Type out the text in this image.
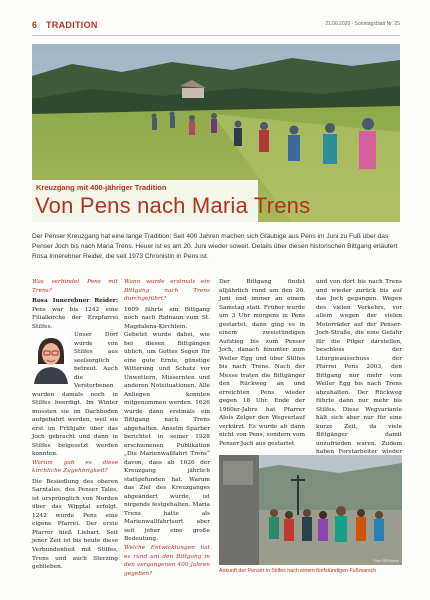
6 TRADITION	21.06.2020 · Sonntagsblatt Nr. 25
Kreuzgang mit 400-jähriger Tradition
Von Pens nach Maria Trens
Der Penser Kreuzgang hat eine lange Tradition: Seit 400 Jahren machen sich Gläubige aus Pens im Juni zu Fuß über das Penser Joch bis nach Maria Trens. Heuer ist es am 20. Juni wieder soweit. Details über diesen historischen Bittgang erläutert Rosa Innerebner Reider, die seit 1973 Chronistin in Pens ist.

Was verbindet Pens mit Trens?

Rosa Innerebner Reider: Pens war bis 1242 eine Filialkirche der Erzpfarrei Stilfes.

Unser Dorf wurde von Stilfes aus seelsorglich betreut. Auch die Verstorbenen wurden damals noch in Stilfes beerdigt. Im Winter mussten sie im Dachboden aufgebahrt werden, weil sie erst im Frühjahr über das Joch gebracht und dann in Stilfes beigesetzt werden konnten.

Warum gab es diese kirchliche Zugehörigkeit?

Die Besiedlung des oberen Sarntales, des Penser Tales, ist ursprünglich von Norden über das Wipptal erfolgt. 1242 wurde Pens eine eigene Pfarrei. Der erste Pfarrer hieß Liebart. Seit jener Zeit ist bis heute diese Verbundenheit mit Stilfes, Trens und auch Sterzing geblieben.

Wann wurde erstmals ein Bittgang nach Trens durchgeführt?

1609 führte ein Bittgang noch nach Ridnaun zum St. Magdalena-Kirchlein. Gebetet wurde dabei, wie bei diesen Bittgängen üblich, um Gottes Segen für eine gute Ernte, günstige Witterung und Schutz vor Unwettern, Missernten und anderen Notsituationen. Alle Anliegen konnten mitgenommen werden. 1626 wurde dann erstmals ein Bittgang nach Trens abgehalten. Anselm Sparber berichtet in seiner 1928 erschienenen Publikation „Die Marienwallfahrt Trens“ davon, dass ab 1626 der Kreuzgang jährlich stattgefunden hat. Warum das Ziel des Kreuzganges abgeändert wurde, ist nirgends festgehalten. Maria Trens hatte als Marienwallfahrtsort aber seit jeher eine große Bedeutung.

Welche Entwicklungen hat es rund um den Bittgang in den vergangenen 400 Jahren gegeben?

Der Bittgang findet alljährlich rund um den 20. Juni und immer an einem Samstag statt. Früher wurde um 3 Uhr morgens in Pens gestartet, dann ging es in einem zweistündigen Aufstieg bis zum Penser Joch, danach hinunter zum Weiler Egg und über Stilfes bis nach Trens. Nach der Messe traten die Bittgänger den Rückweg an und erreichten Pens wieder gegen 18 Uhr. Ende der 1960er-Jahre hat Pfarrer Alois Zelger den Wegverlauf verkürzt. Es wurde ab dann nicht von Pens, sondern vom Penser Joch aus gestartet

und von dort bis nach Trens und wieder zurück bis auf das Joch gegangen. Wegen des vielen Verkehrs, vor allem wegen der vielen Motorräder auf der Penser-Joch-Straße, die eine Gefahr für die Pilger darstellen, beschloss der Liturgieausschuss der Pfarrei Pens 2003, den Bittgang nur mehr vom Weiler Egg bis nach Trens abzuhalten. Der Rückweg führte dann nur mehr bis Stilfes. Diese Wegvariante hält sich aber nur für eine kurze Zeit, da viele Bittgänger damit unzufrieden waren. Zudem haben Forstarbeiter wieder

Foto: RIR Archiv
Ankunft der Penser in Stilfes nach einem fünfstündigen Fußmarsch
